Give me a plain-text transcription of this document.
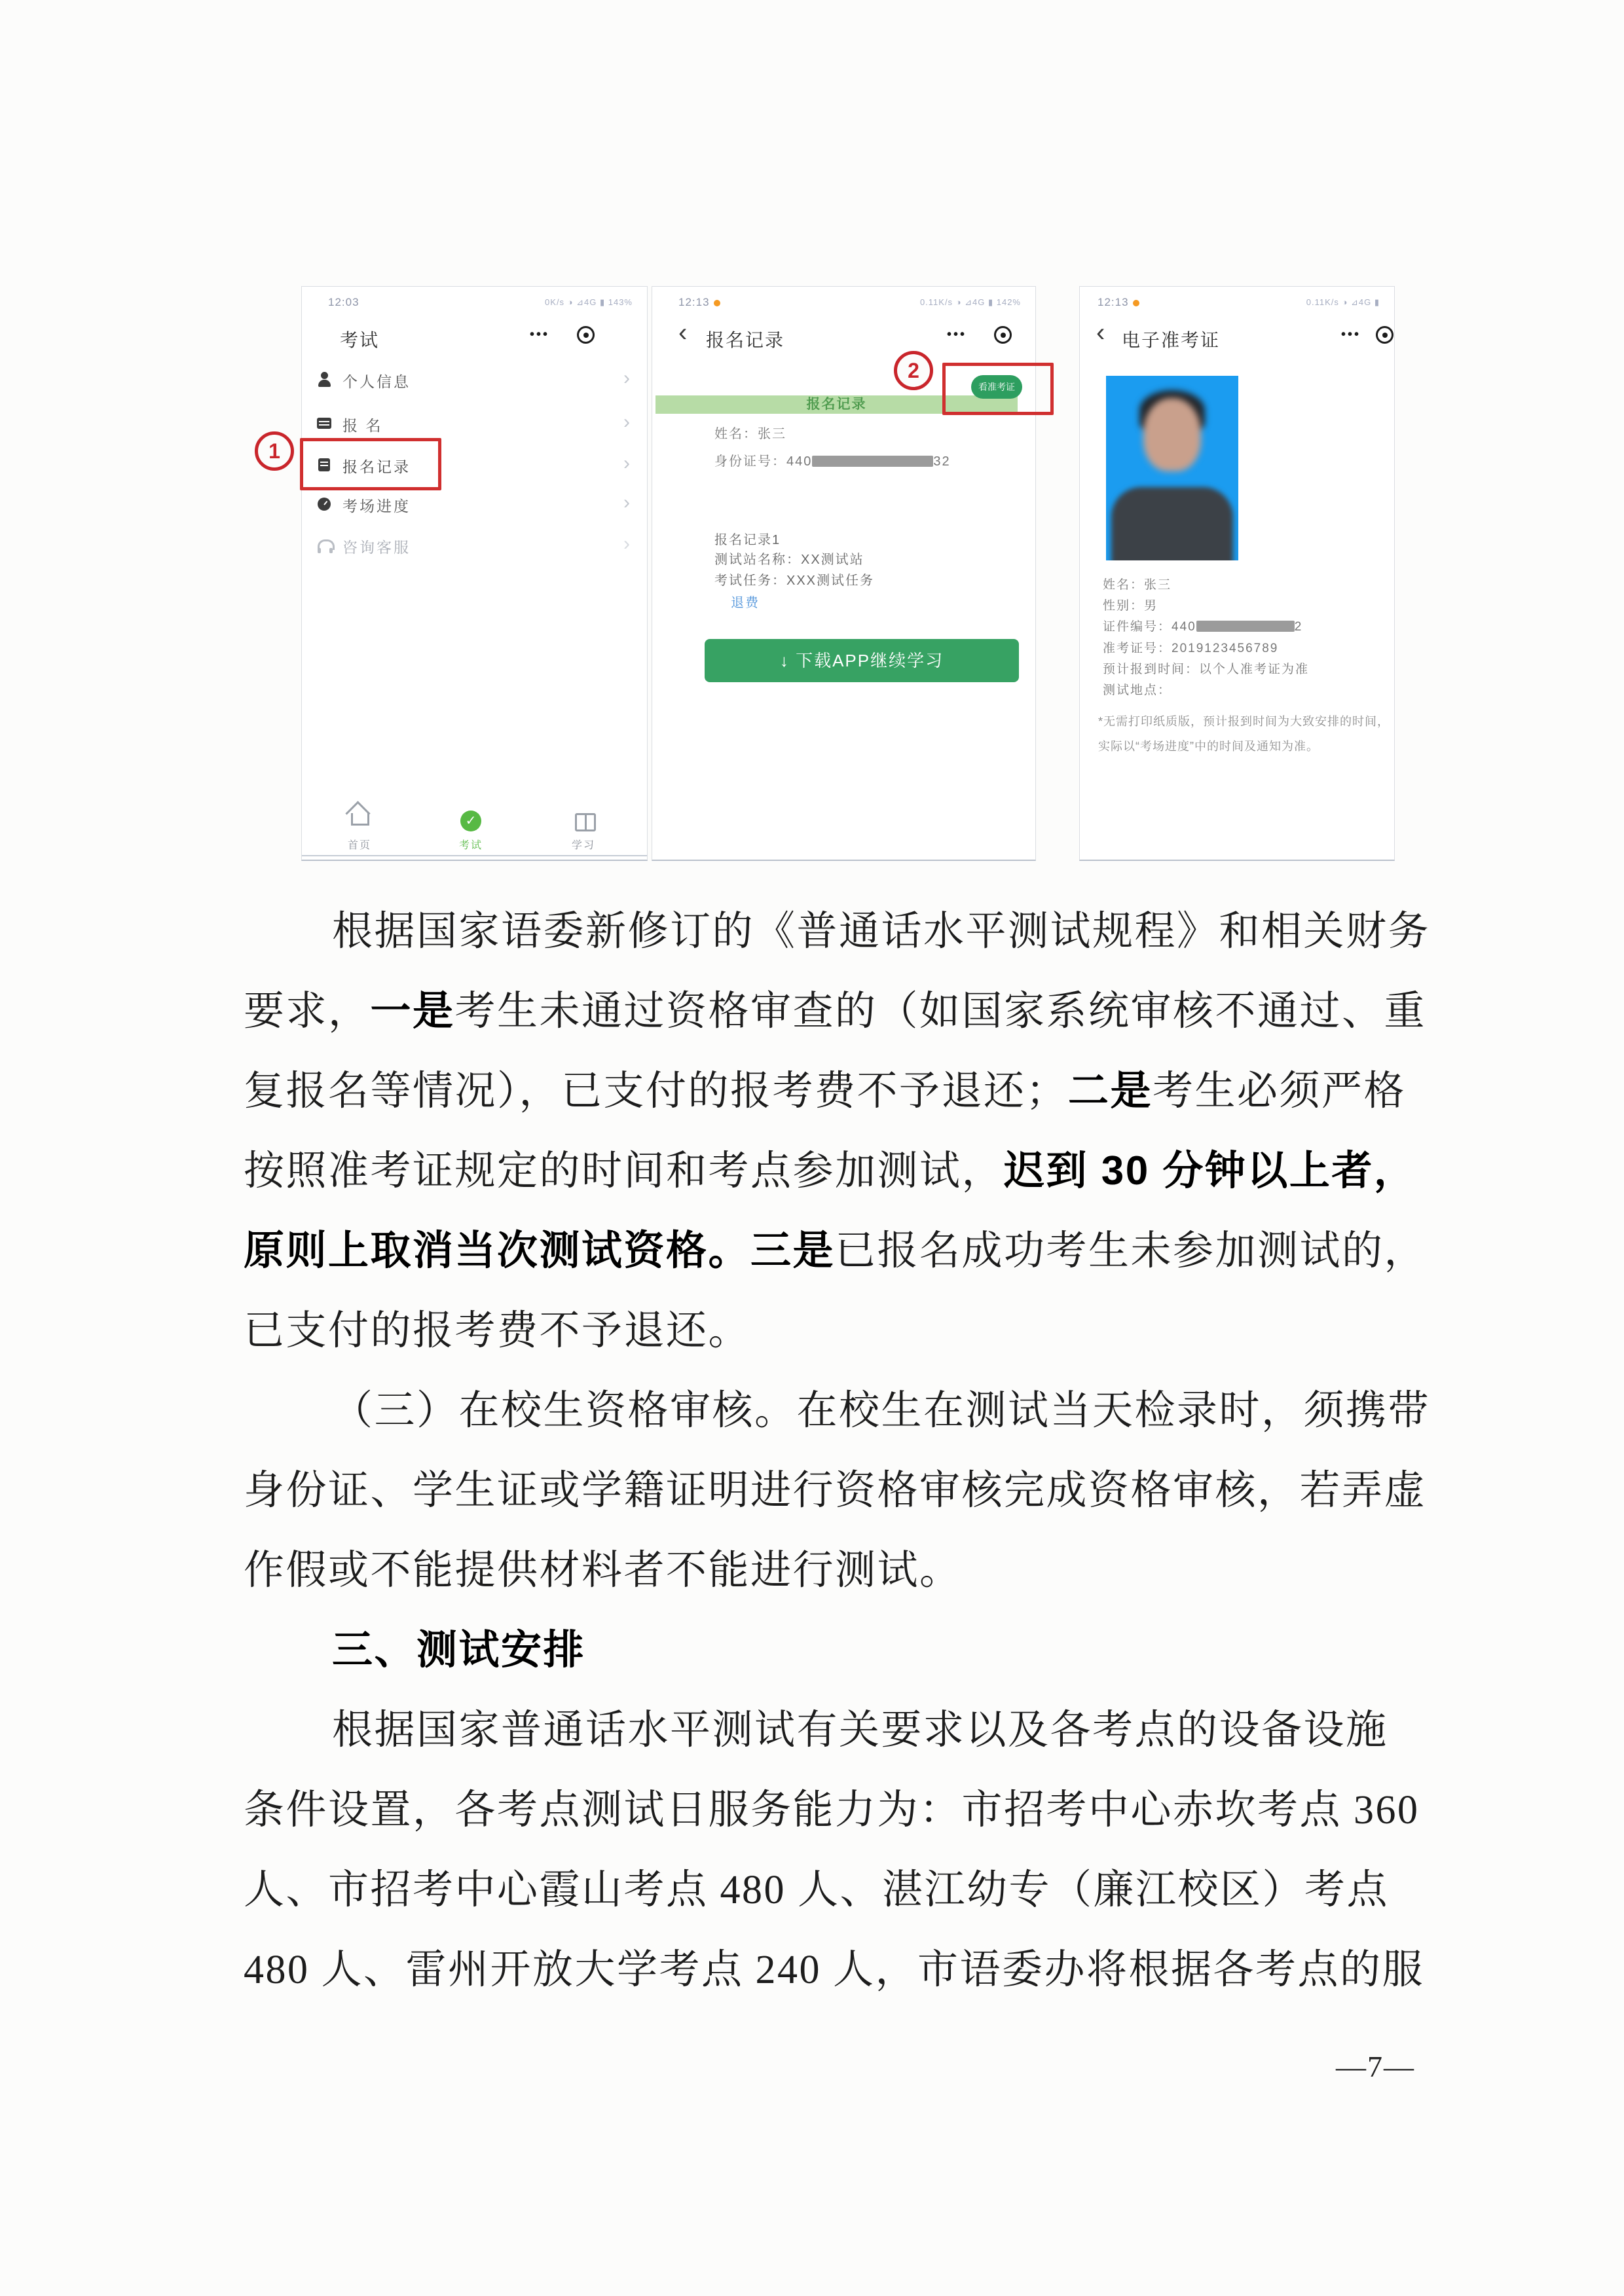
12:03	0K/s ◑ ⊿4G ▮ 143%
考试	•••
个人信息	›
报 名	›
报名记录	›
考场进度	›
咨询客服	›
1
首页
✓
考试	学习
12:13	0.11K/s ◑ ⊿4G ▮ 142%
‹ 报名记录	•••
报名记录
看准考证
2
姓名：张三
身份证号：440	32
报名记录1
测试站名称：XX测试站
考试任务：XXX测试任务
退费
↓ 下载APP继续学习
12:13	0.11K/s ◑ ⊿4G ▮
‹ 电子准考证	•••
姓名：张三
性别：男
证件编号：440	2
准考证号：2019123456789
预计报到时间：以个人准考证为准
测试地点：
*无需打印纸质版，预计报到时间为大致安排的时间，
实际以“考场进度”中的时间及通知为准。
根据国家语委新修订的《普通话水平测试规程》和相关财务
要求，一是考生未通过资格审查的（如国家系统审核不通过、重
复报名等情况），已支付的报考费不予退还；二是考生必须严格
按照准考证规定的时间和考点参加测试，迟到 30 分钟以上者，
原则上取消当次测试资格。三是已报名成功考生未参加测试的，
已支付的报考费不予退还。
（三）在校生资格审核。在校生在测试当天检录时，须携带
身份证、学生证或学籍证明进行资格审核完成资格审核，若弄虚
作假或不能提供材料者不能进行测试。
三、测试安排
根据国家普通话水平测试有关要求以及各考点的设备设施
条件设置，各考点测试日服务能力为：市招考中心赤坎考点 360
人、市招考中心霞山考点 480 人、湛江幼专（廉江校区）考点
480 人、雷州开放大学考点 240 人，市语委办将根据各考点的服
—7—
